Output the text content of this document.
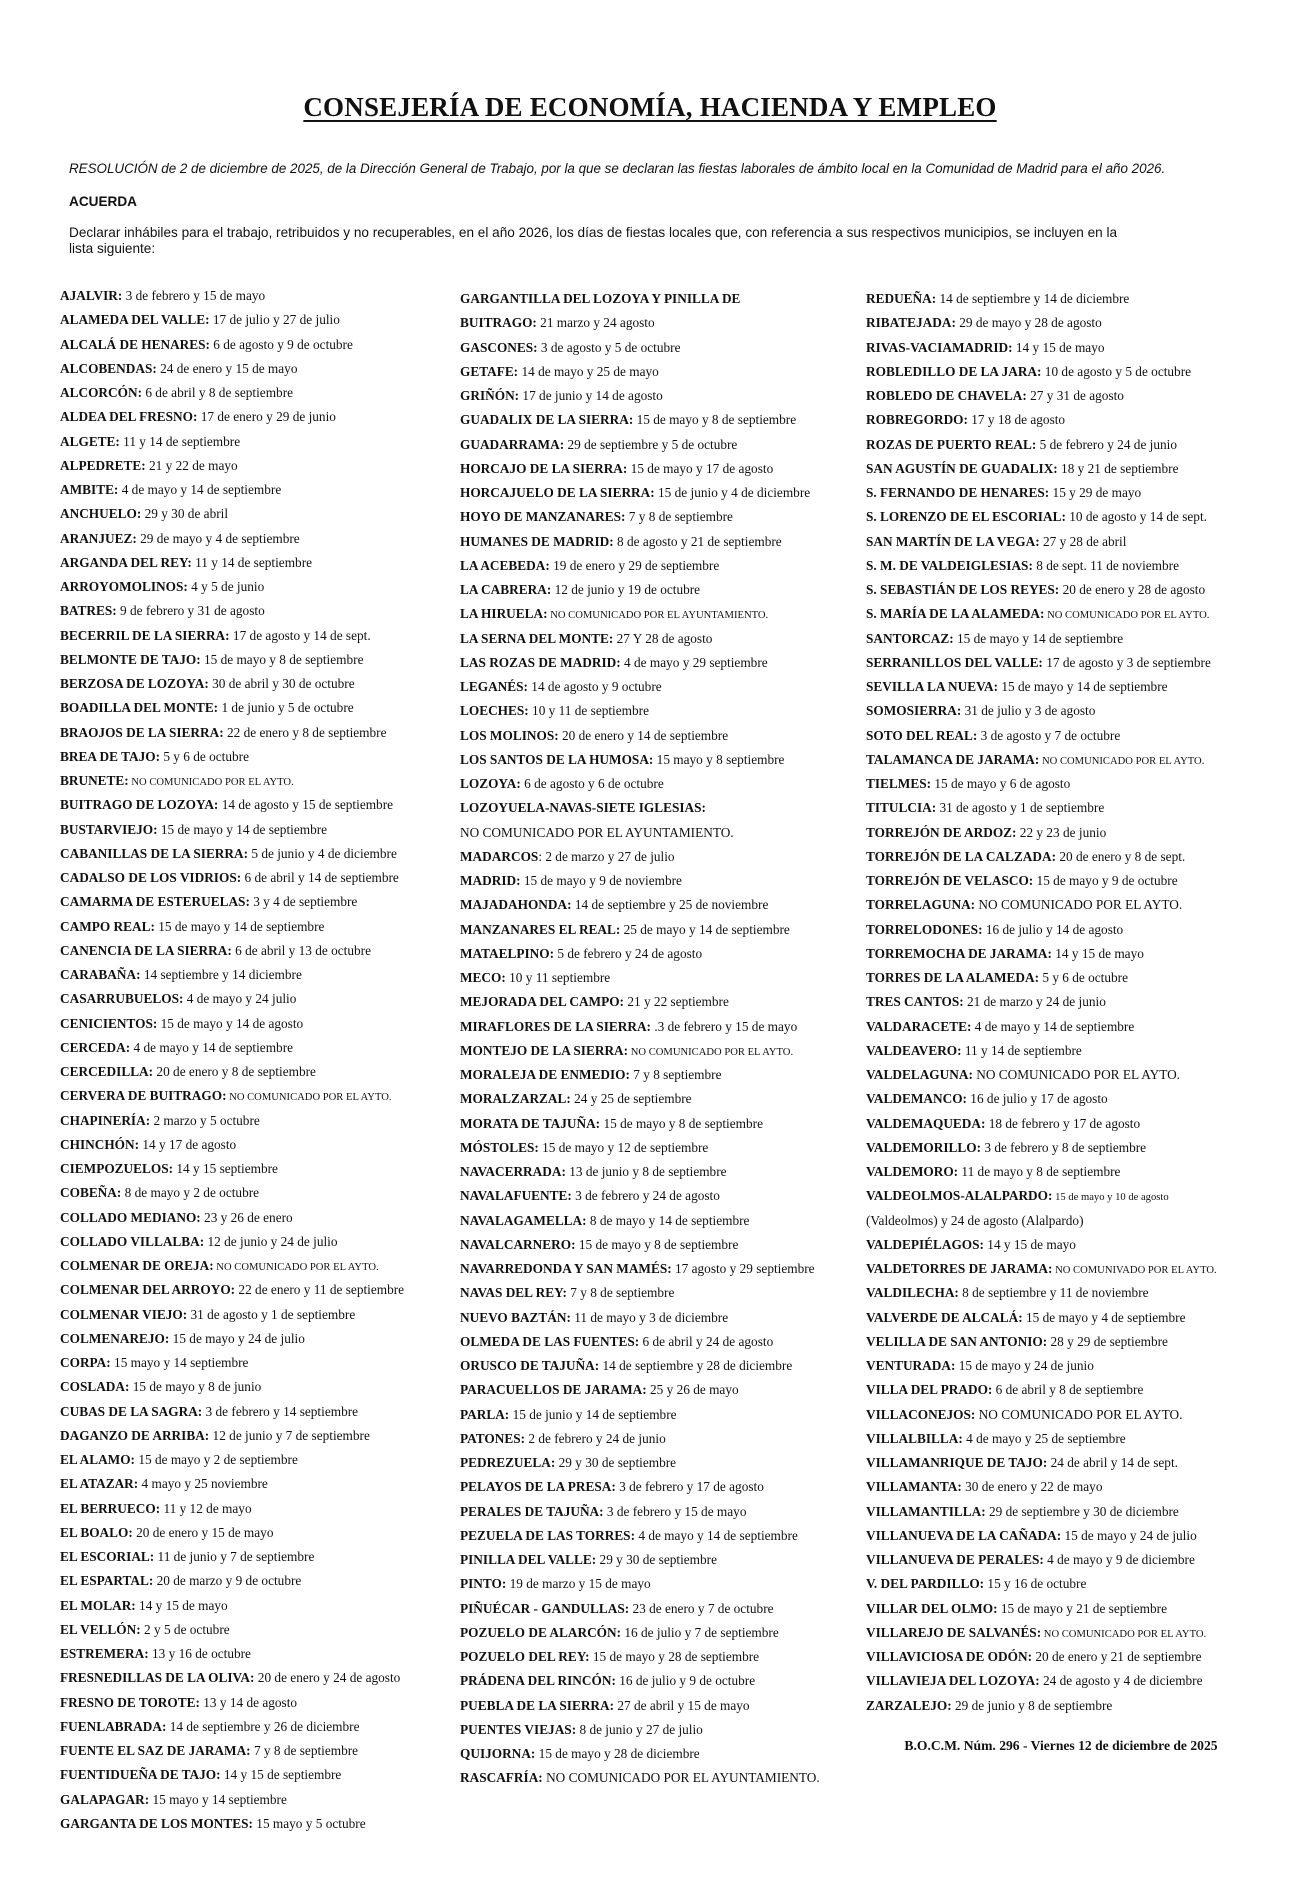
CONSEJERÍA DE ECONOMÍA, HACIENDA Y EMPLEO
RESOLUCIÓN de 2 de diciembre de 2025, de la Dirección General de Trabajo, por la que se declaran las fiestas laborales de ámbito local en la Comunidad de Madrid para el año 2026.
ACUERDA
Declarar inhábiles para el trabajo, retribuidos y no recuperables, en el año 2026, los días de fiestas locales que, con referencia a sus respectivos municipios, se incluyen en la
lista siguiente:
AJALVIR: 3 de febrero y 15 de mayo
ALAMEDA DEL VALLE: 17 de julio y 27 de julio
ALCALÁ DE HENARES: 6 de agosto y 9 de octubre
ALCOBENDAS: 24 de enero y 15 de mayo
ALCORCÓN: 6 de abril y 8 de septiembre
ALDEA DEL FRESNO: 17 de enero y 29 de junio
ALGETE: 11 y 14 de septiembre
ALPEDRETE: 21 y 22 de mayo
AMBITE: 4 de mayo y 14 de septiembre
ANCHUELO: 29 y 30 de abril
ARANJUEZ: 29 de mayo y 4 de septiembre
ARGANDA DEL REY: 11 y 14 de septiembre
ARROYOMOLINOS: 4 y 5 de junio
BATRES: 9 de febrero y 31 de agosto
BECERRIL DE LA SIERRA: 17 de agosto y 14 de sept.
BELMONTE DE TAJO: 15 de mayo y 8 de septiembre
BERZOSA DE LOZOYA: 30 de abril y 30 de octubre
BOADILLA DEL MONTE: 1 de junio y 5 de octubre
BRAOJOS DE LA SIERRA: 22 de enero y 8 de septiembre
BREA DE TAJO: 5 y 6 de octubre
BRUNETE: NO COMUNICADO POR EL AYTO.
BUITRAGO DE LOZOYA: 14 de agosto y 15 de septiembre
BUSTARVIEJO: 15 de mayo y 14 de septiembre
CABANILLAS DE LA SIERRA: 5 de junio y 4 de diciembre
CADALSO DE LOS VIDRIOS: 6 de abril y 14 de septiembre
CAMARMA DE ESTERUELAS: 3 y 4 de septiembre
CAMPO REAL: 15 de mayo y 14 de septiembre
CANENCIA DE LA SIERRA: 6 de abril y 13 de octubre
CARABAÑA: 14 septiembre y 14 diciembre
CASARRUBUELOS: 4 de mayo y 24 julio
CENICIENTOS: 15 de mayo y 14 de agosto
CERCEDA: 4 de mayo y 14 de septiembre
CERCEDILLA: 20 de enero y 8 de septiembre
CERVERA DE BUITRAGO: NO COMUNICADO POR EL AYTO.
CHAPINERÍA: 2 marzo y 5 octubre
CHINCHÓN: 14 y 17 de agosto
CIEMPOZUELOS: 14 y 15 septiembre
COBEÑA: 8 de mayo y 2 de octubre
COLLADO MEDIANO: 23 y 26 de enero
COLLADO VILLALBA: 12 de junio y 24 de julio
COLMENAR DE OREJA: NO COMUNICADO POR EL AYTO.
COLMENAR DEL ARROYO: 22 de enero y 11 de septiembre
COLMENAR VIEJO: 31 de agosto y 1 de septiembre
COLMENAREJO: 15 de mayo y 24 de julio
CORPA: 15 mayo y 14 septiembre
COSLADA: 15 de mayo y 8 de junio
CUBAS DE LA SAGRA: 3 de febrero y 14 septiembre
DAGANZO DE ARRIBA: 12 de junio y 7 de septiembre
EL ALAMO: 15 de mayo y 2 de septiembre
EL ATAZAR: 4 mayo y 25 noviembre
EL BERRUECO: 11 y 12 de mayo
EL BOALO: 20 de enero y 15 de mayo
EL ESCORIAL: 11 de junio y 7 de septiembre
EL ESPARTAL: 20 de marzo y 9 de octubre
EL MOLAR: 14 y 15 de mayo
EL VELLÓN: 2 y 5 de octubre
ESTREMERA: 13 y 16 de octubre
FRESNEDILLAS DE LA OLIVA: 20 de enero y 24 de agosto
FRESNO DE TOROTE: 13 y 14 de agosto
FUENLABRADA: 14 de septiembre y 26 de diciembre
FUENTE EL SAZ DE JARAMA: 7 y 8 de septiembre
FUENTIDUEÑA DE TAJO: 14 y 15 de septiembre
GALAPAGAR: 15 mayo y 14 septiembre
GARGANTA DE LOS MONTES: 15 mayo y 5 octubre
GARGANTILLA DEL LOZOYA Y PINILLA DE
BUITRAGO: 21 marzo y 24 agosto
GASCONES: 3 de agosto y 5 de octubre
GETAFE: 14 de mayo y 25 de mayo
GRIÑÓN: 17 de junio y 14 de agosto
GUADALIX DE LA SIERRA: 15 de mayo y 8 de septiembre
GUADARRAMA: 29 de septiembre y 5 de octubre
HORCAJO DE LA SIERRA: 15 de mayo y 17 de agosto
HORCAJUELO DE LA SIERRA: 15 de junio y 4 de diciembre
HOYO DE MANZANARES: 7 y 8 de septiembre
HUMANES DE MADRID: 8 de agosto y 21 de septiembre
LA ACEBEDA: 19 de enero y 29 de septiembre
LA CABRERA: 12 de junio y 19 de octubre
LA HIRUELA: NO COMUNICADO POR EL AYUNTAMIENTO.
LA SERNA DEL MONTE: 27 Y 28 de agosto
LAS ROZAS DE MADRID: 4 de mayo y 29 septiembre
LEGANÉS: 14 de agosto y 9 octubre
LOECHES: 10 y 11 de septiembre
LOS MOLINOS: 20 de enero y 14 de septiembre
LOS SANTOS DE LA HUMOSA: 15 mayo y 8 septiembre
LOZOYA: 6 de agosto y 6 de octubre
LOZOYUELA-NAVAS-SIETE IGLESIAS:
NO COMUNICADO POR EL AYUNTAMIENTO.
MADARCOS: 2 de marzo y 27 de julio
MADRID: 15 de mayo y 9 de noviembre
MAJADAHONDA: 14 de septiembre y 25 de noviembre
MANZANARES EL REAL: 25 de mayo y 14 de septiembre
MATAELPINO: 5 de febrero y 24 de agosto
MECO: 10 y 11 septiembre
MEJORADA DEL CAMPO: 21 y 22 septiembre
MIRAFLORES DE LA SIERRA: .3 de febrero y 15 de mayo
MONTEJO DE LA SIERRA: NO COMUNICADO POR EL AYTO.
MORALEJA DE ENMEDIO: 7 y 8 septiembre
MORALZARZAL: 24 y 25 de septiembre
MORATA DE TAJUÑA: 15 de mayo y 8 de septiembre
MÓSTOLES: 15 de mayo y 12 de septiembre
NAVACERRADA: 13 de junio y 8 de septiembre
NAVALAFUENTE: 3 de febrero y 24 de agosto
NAVALAGAMELLA: 8 de mayo y 14 de septiembre
NAVALCARNERO: 15 de mayo y 8 de septiembre
NAVARREDONDA Y SAN MAMÉS: 17 agosto y 29 septiembre
NAVAS DEL REY: 7 y 8 de septiembre
NUEVO BAZTÁN: 11 de mayo y 3 de diciembre
OLMEDA DE LAS FUENTES: 6 de abril y 24 de agosto
ORUSCO DE TAJUÑA: 14 de septiembre y 28 de diciembre
PARACUELLOS DE JARAMA: 25 y 26 de mayo
PARLA: 15 de junio y 14 de septiembre
PATONES: 2 de febrero y 24 de junio
PEDREZUELA: 29 y 30 de septiembre
PELAYOS DE LA PRESA: 3 de febrero y 17 de agosto
PERALES DE TAJUÑA: 3 de febrero y 15 de mayo
PEZUELA DE LAS TORRES: 4 de mayo y 14 de septiembre
PINILLA DEL VALLE: 29 y 30 de septiembre
PINTO: 19 de marzo y 15 de mayo
PIÑUÉCAR - GANDULLAS: 23 de enero y 7 de octubre
POZUELO DE ALARCÓN: 16 de julio y 7 de septiembre
POZUELO DEL REY: 15 de mayo y 28 de septiembre
PRÁDENA DEL RINCÓN: 16 de julio y 9 de octubre
PUEBLA DE LA SIERRA: 27 de abril y 15 de mayo
PUENTES VIEJAS: 8 de junio y 27 de julio
QUIJORNA: 15 de mayo y 28 de diciembre
RASCAFRÍA: NO COMUNICADO POR EL AYUNTAMIENTO.
REDUEÑA: 14 de septiembre y 14 de diciembre
RIBATEJADA: 29 de mayo y 28 de agosto
RIVAS-VACIAMADRID: 14 y 15 de mayo
ROBLEDILLO DE LA JARA: 10 de agosto y 5 de octubre
ROBLEDO DE CHAVELA: 27 y 31 de agosto
ROBREGORDO: 17 y 18 de agosto
ROZAS DE PUERTO REAL: 5 de febrero y 24 de junio
SAN AGUSTÍN DE GUADALIX: 18 y 21 de septiembre
S. FERNANDO DE HENARES: 15 y 29 de mayo
S. LORENZO DE EL ESCORIAL: 10 de agosto y 14 de sept.
SAN MARTÍN DE LA VEGA: 27 y 28 de abril
S. M. DE VALDEIGLESIAS: 8 de sept. 11 de noviembre
S. SEBASTIÁN DE LOS REYES: 20 de enero y 28 de agosto
S. MARÍA DE LA ALAMEDA: NO COMUNICADO POR EL AYTO.
SANTORCAZ: 15 de mayo y 14 de septiembre
SERRANILLOS DEL VALLE: 17 de agosto y 3 de septiembre
SEVILLA LA NUEVA: 15 de mayo y 14 de septiembre
SOMOSIERRA: 31 de julio y 3 de agosto
SOTO DEL REAL: 3 de agosto y 7 de octubre
TALAMANCA DE JARAMA: NO COMUNICADO POR EL AYTO.
TIELMES: 15 de mayo y 6 de agosto
TITULCIA: 31 de agosto y 1 de septiembre
TORREJÓN DE ARDOZ: 22 y 23 de junio
TORREJÓN DE LA CALZADA: 20 de enero y 8 de sept.
TORREJÓN DE VELASCO: 15 de mayo y 9 de octubre
TORRELAGUNA: NO COMUNICADO POR EL AYTO.
TORRELODONES: 16 de julio y 14 de agosto
TORREMOCHA DE JARAMA: 14 y 15 de mayo
TORRES DE LA ALAMEDA: 5 y 6 de octubre
TRES CANTOS: 21 de marzo y 24 de junio
VALDARACETE: 4 de mayo y 14 de septiembre
VALDEAVERO: 11 y 14 de septiembre
VALDELAGUNA: NO COMUNICADO POR EL AYTO.
VALDEMANCO: 16 de julio y 17 de agosto
VALDEMAQUEDA: 18 de febrero y 17 de agosto
VALDEMORILLO: 3 de febrero y 8 de septiembre
VALDEMORO: 11 de mayo y 8 de septiembre
VALDEOLMOS-ALALPARDO: 15 de mayo y 10 de agosto
(Valdeolmos) y 24 de agosto (Alalpardo)
VALDEPIÉLAGOS: 14 y 15 de mayo
VALDETORRES DE JARAMA: NO COMUNIVADO POR EL AYTO.
VALDILECHA: 8 de septiembre y 11 de noviembre
VALVERDE DE ALCALÁ: 15 de mayo y 4 de septiembre
VELILLA DE SAN ANTONIO: 28 y 29 de septiembre
VENTURADA: 15 de mayo y 24 de junio
VILLA DEL PRADO: 6 de abril y 8 de septiembre
VILLACONEJOS: NO COMUNICADO POR EL AYTO.
VILLALBILLA: 4 de mayo y 25 de septiembre
VILLAMANRIQUE DE TAJO: 24 de abril y 14 de sept.
VILLAMANTA: 30 de enero y 22 de mayo
VILLAMANTILLA: 29 de septiembre y 30 de diciembre
VILLANUEVA DE LA CAÑADA: 15 de mayo y 24 de julio
VILLANUEVA DE PERALES: 4 de mayo y 9 de diciembre
V. DEL PARDILLO: 15 y 16 de octubre
VILLAR DEL OLMO: 15 de mayo y 21 de septiembre
VILLAREJO DE SALVANÉS: NO COMUNICADO POR EL AYTO.
VILLAVICIOSA DE ODÓN: 20 de enero y 21 de septiembre
VILLAVIEJA DEL LOZOYA: 24 de agosto y 4 de diciembre
ZARZALEJO: 29 de junio y 8 de septiembre
B.O.C.M. Núm. 296 - Viernes 12 de diciembre de 2025
